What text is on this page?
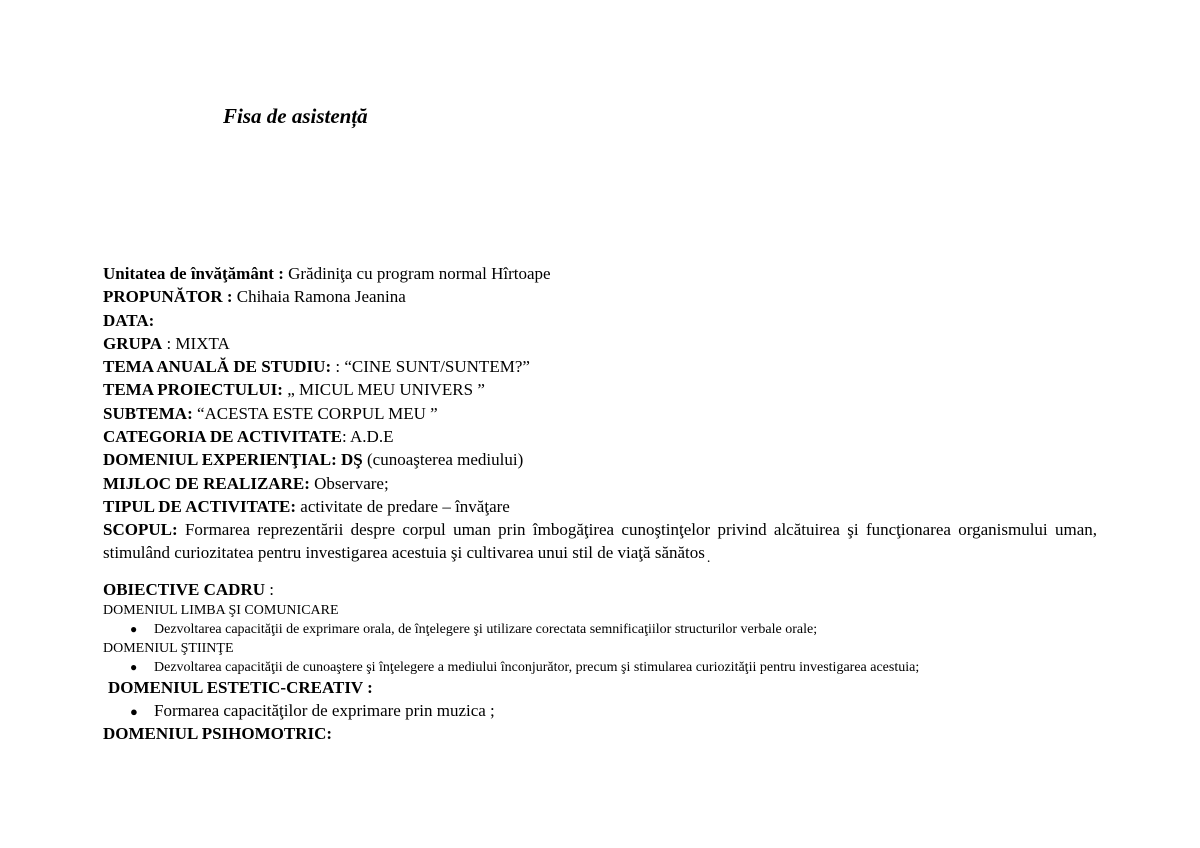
Fisa de asistență
Unitatea de învăţământ : Grădiniţa cu program normal Hîrtoape
PROPUNĂTOR : Chihaia Ramona Jeanina
DATA:
GRUPA : MIXTA
TEMA ANUALĂ DE STUDIU: : “CINE SUNT/SUNTEM?”
TEMA PROIECTULUI: „ MICUL MEU UNIVERS ”
SUBTEMA: “ACESTA ESTE CORPUL MEU ”
CATEGORIA DE ACTIVITATE: A.D.E
DOMENIUL EXPERIENŢIAL: DŞ (cunoaşterea mediului)
MIJLOC DE REALIZARE: Observare;
TIPUL DE ACTIVITATE: activitate de predare – învăţare
SCOPUL: Formarea reprezentării despre corpul uman prin îmbogăţirea cunoştinţelor privind alcătuirea şi funcţionarea organismului uman, stimulând curiozitatea pentru investigarea acestuia şi cultivarea unui stil de viaţă sănătos $_.$
OBIECTIVE CADRU :
DOMENIUL LIMBA ŞI COMUNICARE
● Dezvoltarea capacităţii de exprimare orala, de înţelegere şi utilizare corectata semnificaţiilor structurilor verbale orale;
DOMENIUL ŞTIINŢE
● Dezvoltarea capacităţii de cunoaştere şi înţelegere a mediului înconjurător, precum şi stimularea curiozităţii pentru investigarea acestuia;
DOMENIUL ESTETIC-CREATIV :
● Formarea capacităţilor de exprimare prin muzica ;
DOMENIUL PSIHOMOTRIC:
